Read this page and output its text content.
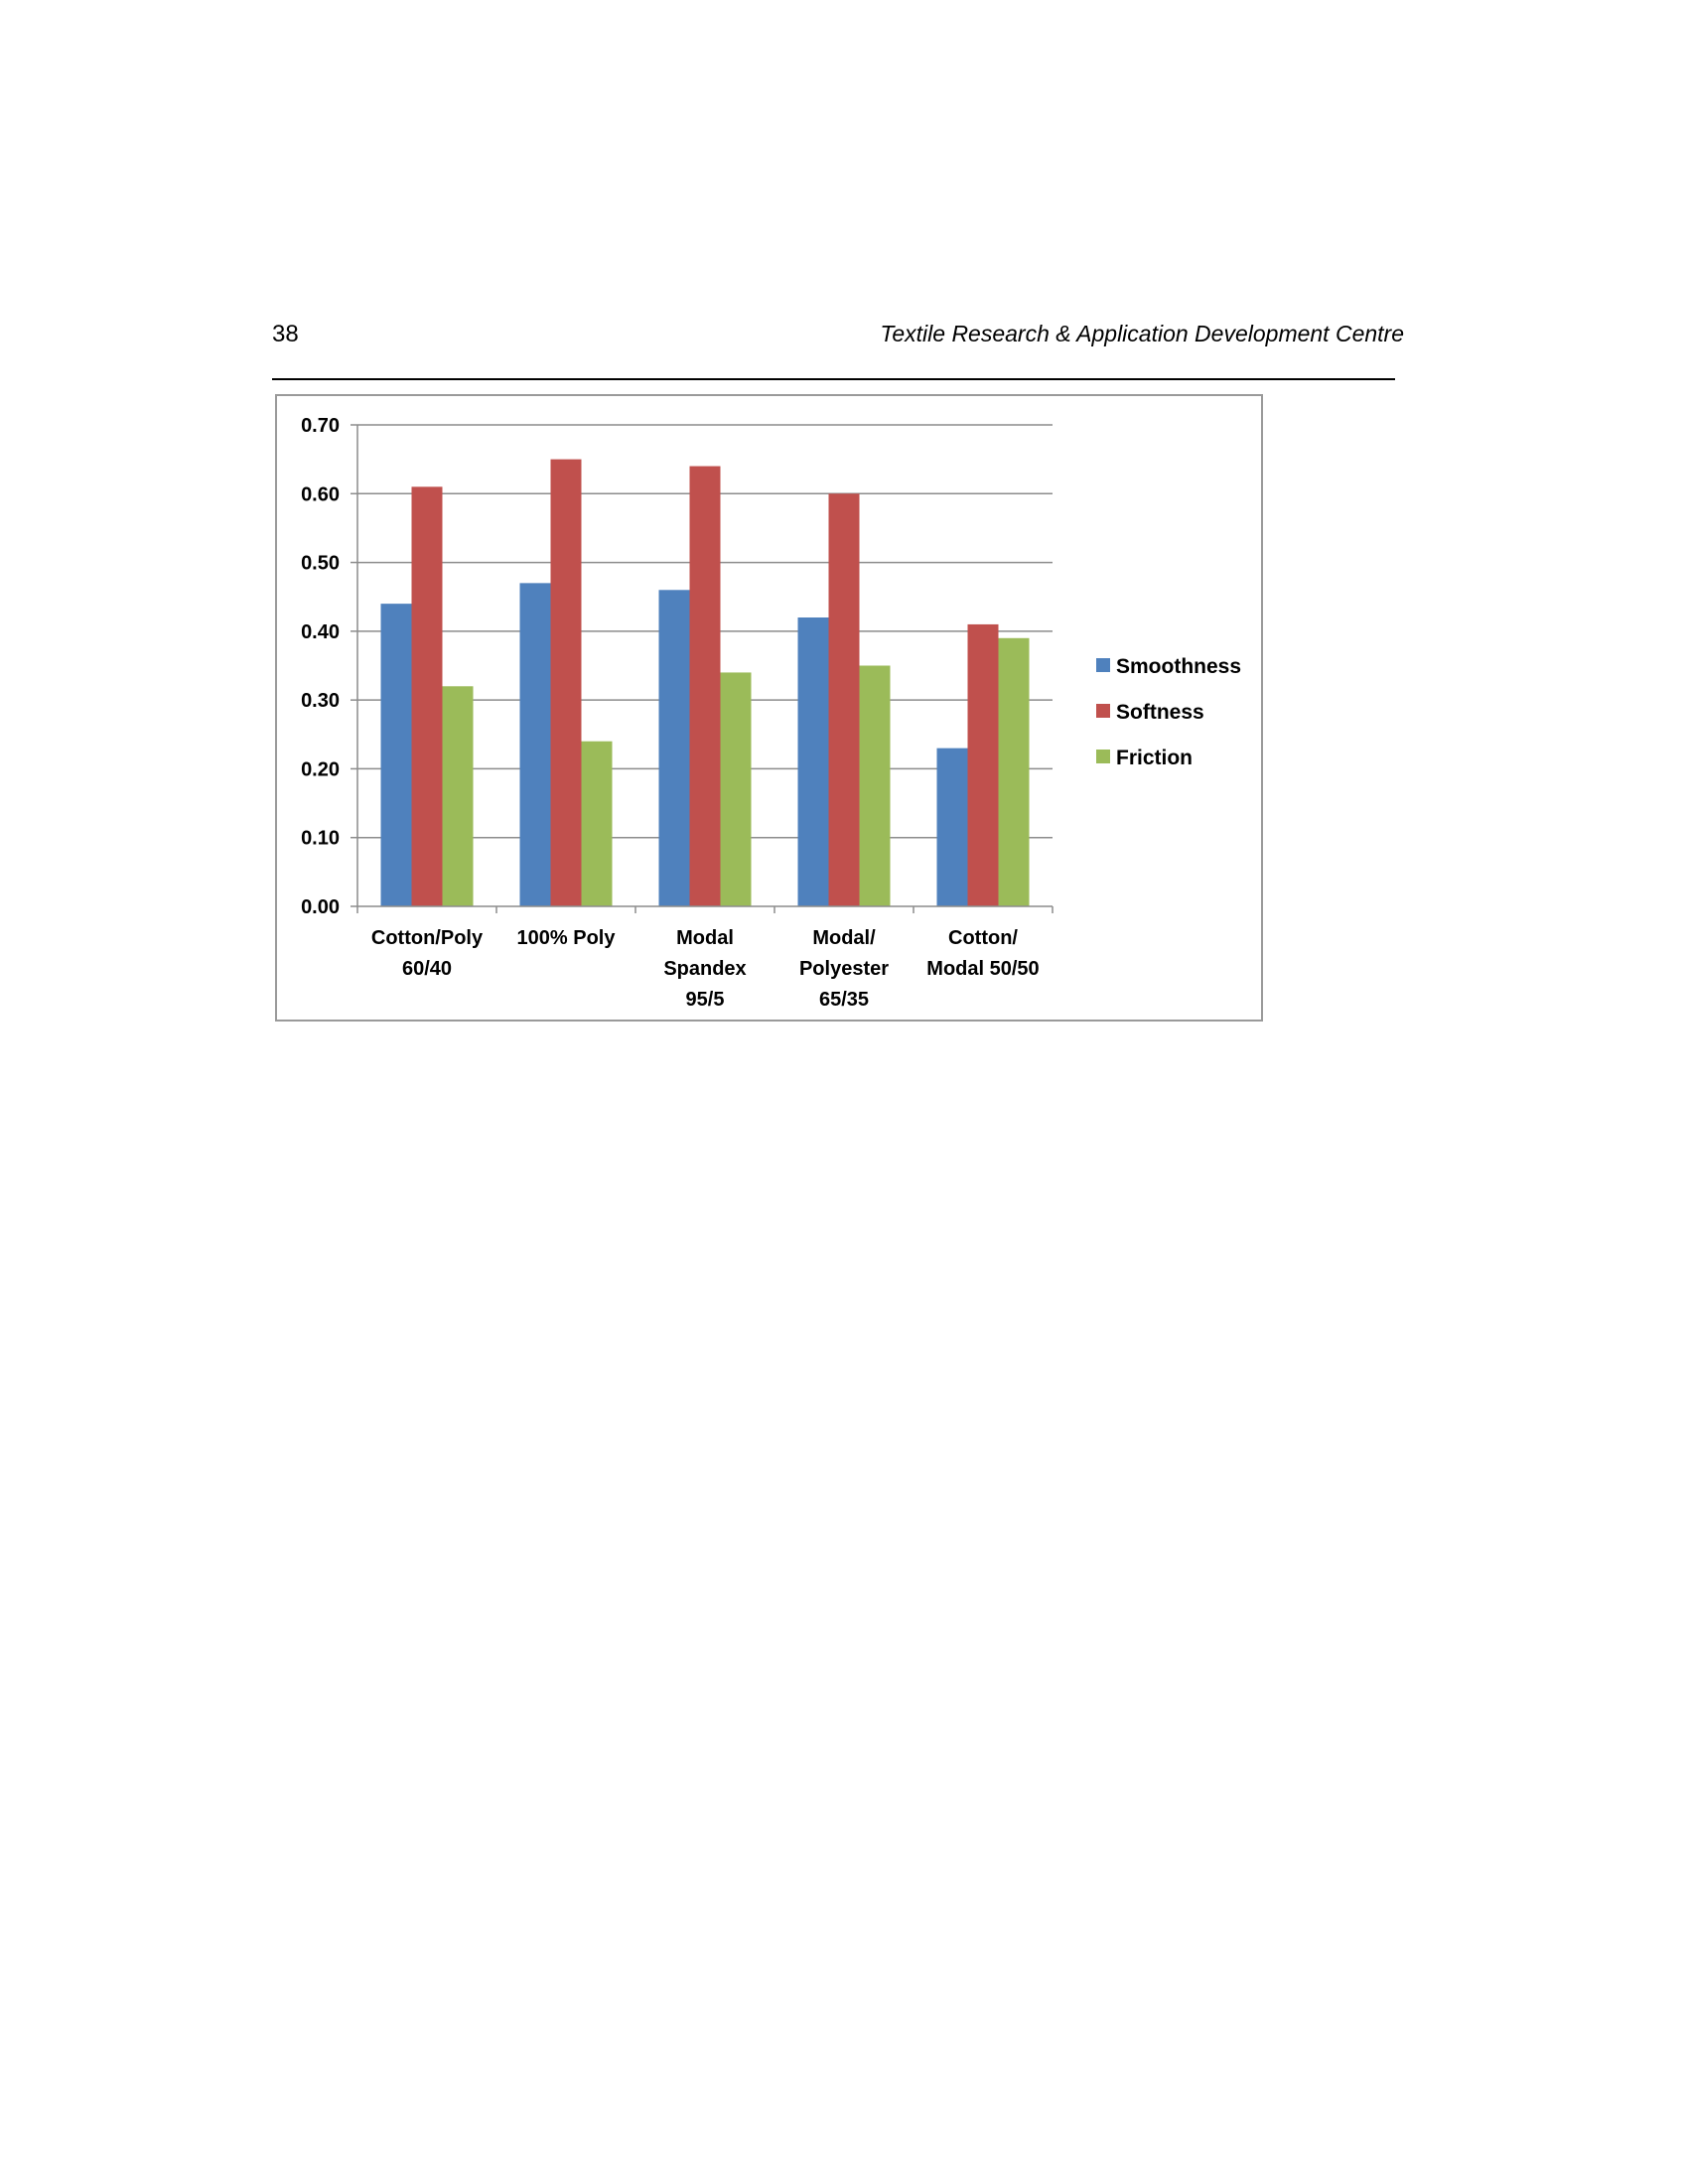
38	Textile Research & Application Development Centre
0.00
0.10
0.20
0.30
0.40
0.50
0.60
0.70
Cotton/Poly 60/40
100% Poly	Modal Spandex 95/5
Modal/ Polyester 65/35
Cotton/ Modal 50/50
Smoothness
Softness
Friction
